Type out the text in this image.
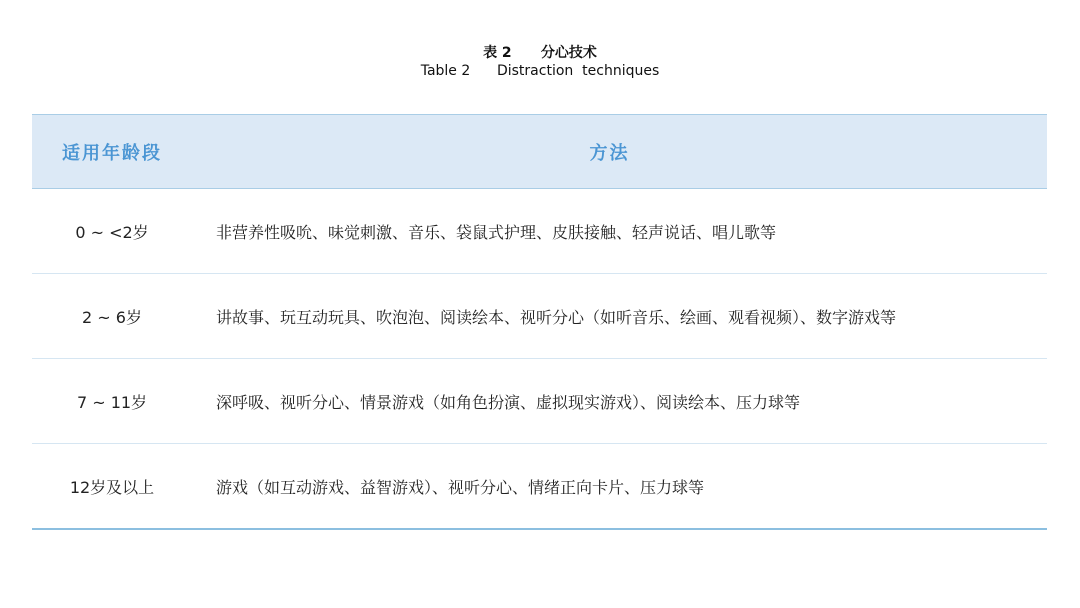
表 2      分心技术
Table 2      Distraction  techniques
适用年龄段	方法
0 ~ <2岁	非营养性吸吮、味觉刺激、音乐、袋鼠式护理、皮肤接触、轻声说话、唱儿歌等
2 ~ 6岁	讲故事、玩互动玩具、吹泡泡、阅读绘本、视听分心（如听音乐、绘画、观看视频）、数字游戏等
7 ~ 11岁	深呼吸、视听分心、情景游戏（如角色扮演、虚拟现实游戏）、阅读绘本、压力球等
12岁及以上	游戏（如互动游戏、益智游戏）、视听分心、情绪正向卡片、压力球等
